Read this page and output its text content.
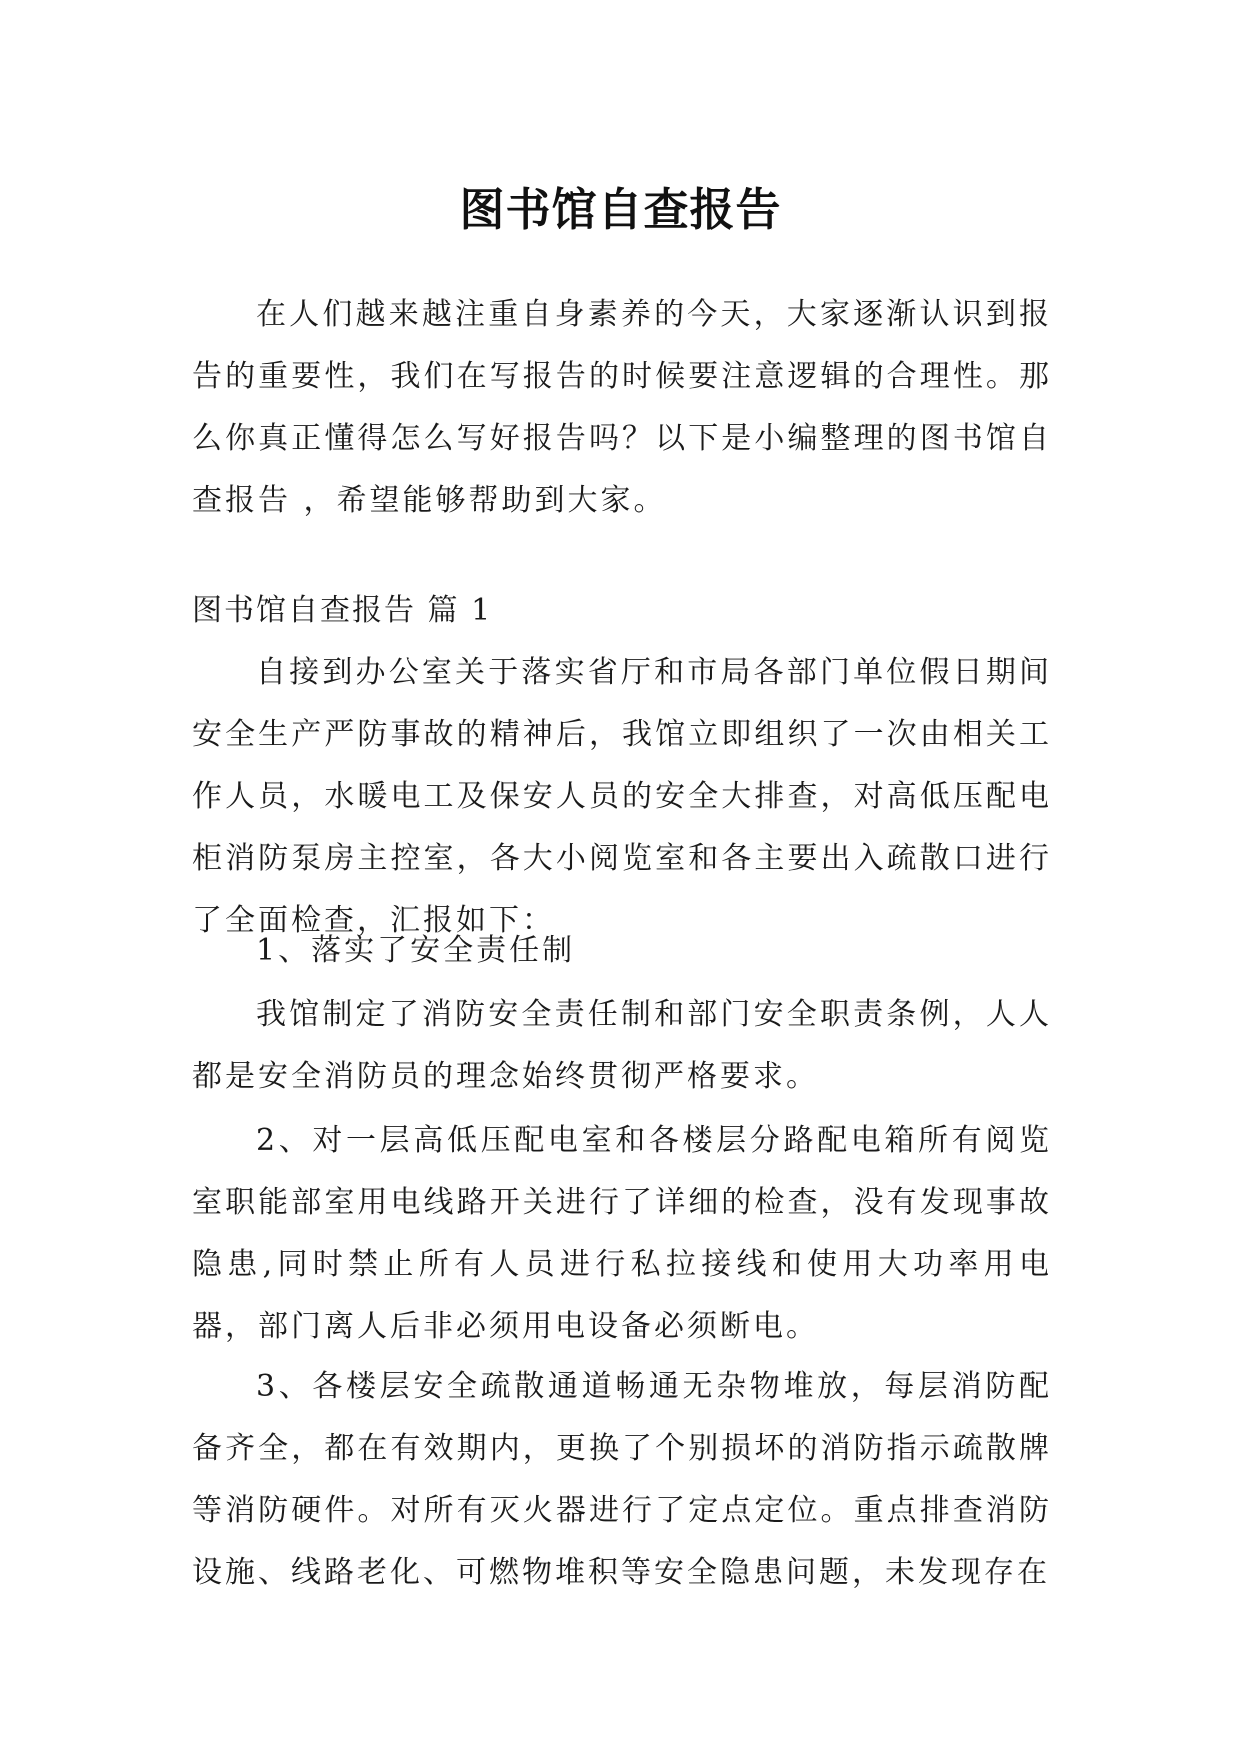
图书馆自查报告

在人们越来越注重自身素养的今天，大家逐渐认识到报告的重要性，我们在写报告的时候要注意逻辑的合理性。那么你真正懂得怎么写好报告吗？以下是小编整理的图书馆自查报告 ，希望能够帮助到大家。

图书馆自查报告 篇 1

自接到办公室关于落实省厅和市局各部门单位假日期间安全生产严防事故的精神后，我馆立即组织了一次由相关工作人员，水暖电工及保安人员的安全大排查，对高低压配电柜消防泵房主控室，各大小阅览室和各主要出入疏散口进行了全面检查，汇报如下：

1、落实了安全责任制

我馆制定了消防安全责任制和部门安全职责条例，人人都是安全消防员的理念始终贯彻严格要求。

2、对一层高低压配电室和各楼层分路配电箱所有阅览室职能部室用电线路开关进行了详细的检查，没有发现事故隐患,同时禁止所有人员进行私拉接线和使用大功率用电器，部门离人后非必须用电设备必须断电。

3、各楼层安全疏散通道畅通无杂物堆放，每层消防配备齐全，都在有效期内，更换了个别损坏的消防指示疏散牌等消防硬件。对所有灭火器进行了定点定位。重点排查消防设施、线路老化、可燃物堆积等安全隐患问题，未发现存在
